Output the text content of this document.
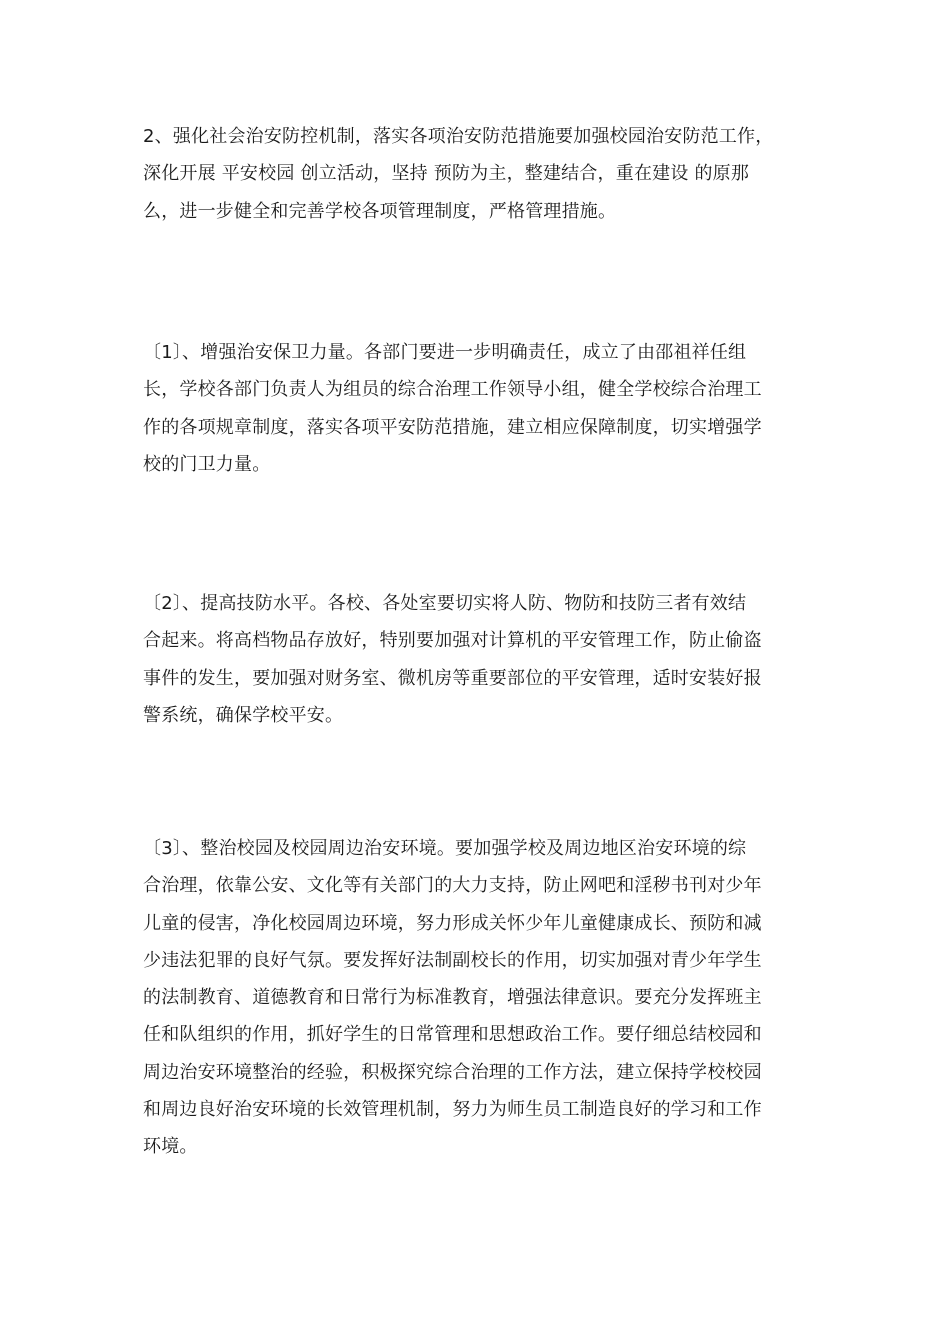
2、强化社会治安防控机制，落实各项治安防范措施要加强校园治安防范工作，
深化开展 平安校园 创立活动，坚持 预防为主，整建结合，重在建设 的原那
么，进一步健全和完善学校各项管理制度，严格管理措施。

〔1〕、增强治安保卫力量。各部门要进一步明确责任，成立了由邵祖祥任组
长，学校各部门负责人为组员的综合治理工作领导小组，健全学校综合治理工
作的各项规章制度，落实各项平安防范措施，建立相应保障制度，切实增强学
校的门卫力量。

〔2〕、提高技防水平。各校、各处室要切实将人防、物防和技防三者有效结
合起来。将高档物品存放好，特别要加强对计算机的平安管理工作，防止偷盗
事件的发生，要加强对财务室、微机房等重要部位的平安管理，适时安装好报
警系统，确保学校平安。

〔3〕、整治校园及校园周边治安环境。要加强学校及周边地区治安环境的综
合治理，依靠公安、文化等有关部门的大力支持，防止网吧和淫秽书刊对少年
儿童的侵害，净化校园周边环境，努力形成关怀少年儿童健康成长、预防和减
少违法犯罪的良好气氛。要发挥好法制副校长的作用，切实加强对青少年学生
的法制教育、道德教育和日常行为标准教育，增强法律意识。要充分发挥班主
任和队组织的作用，抓好学生的日常管理和思想政治工作。要仔细总结校园和
周边治安环境整治的经验，积极探究综合治理的工作方法，建立保持学校校园
和周边良好治安环境的长效管理机制，努力为师生员工制造良好的学习和工作
环境。
